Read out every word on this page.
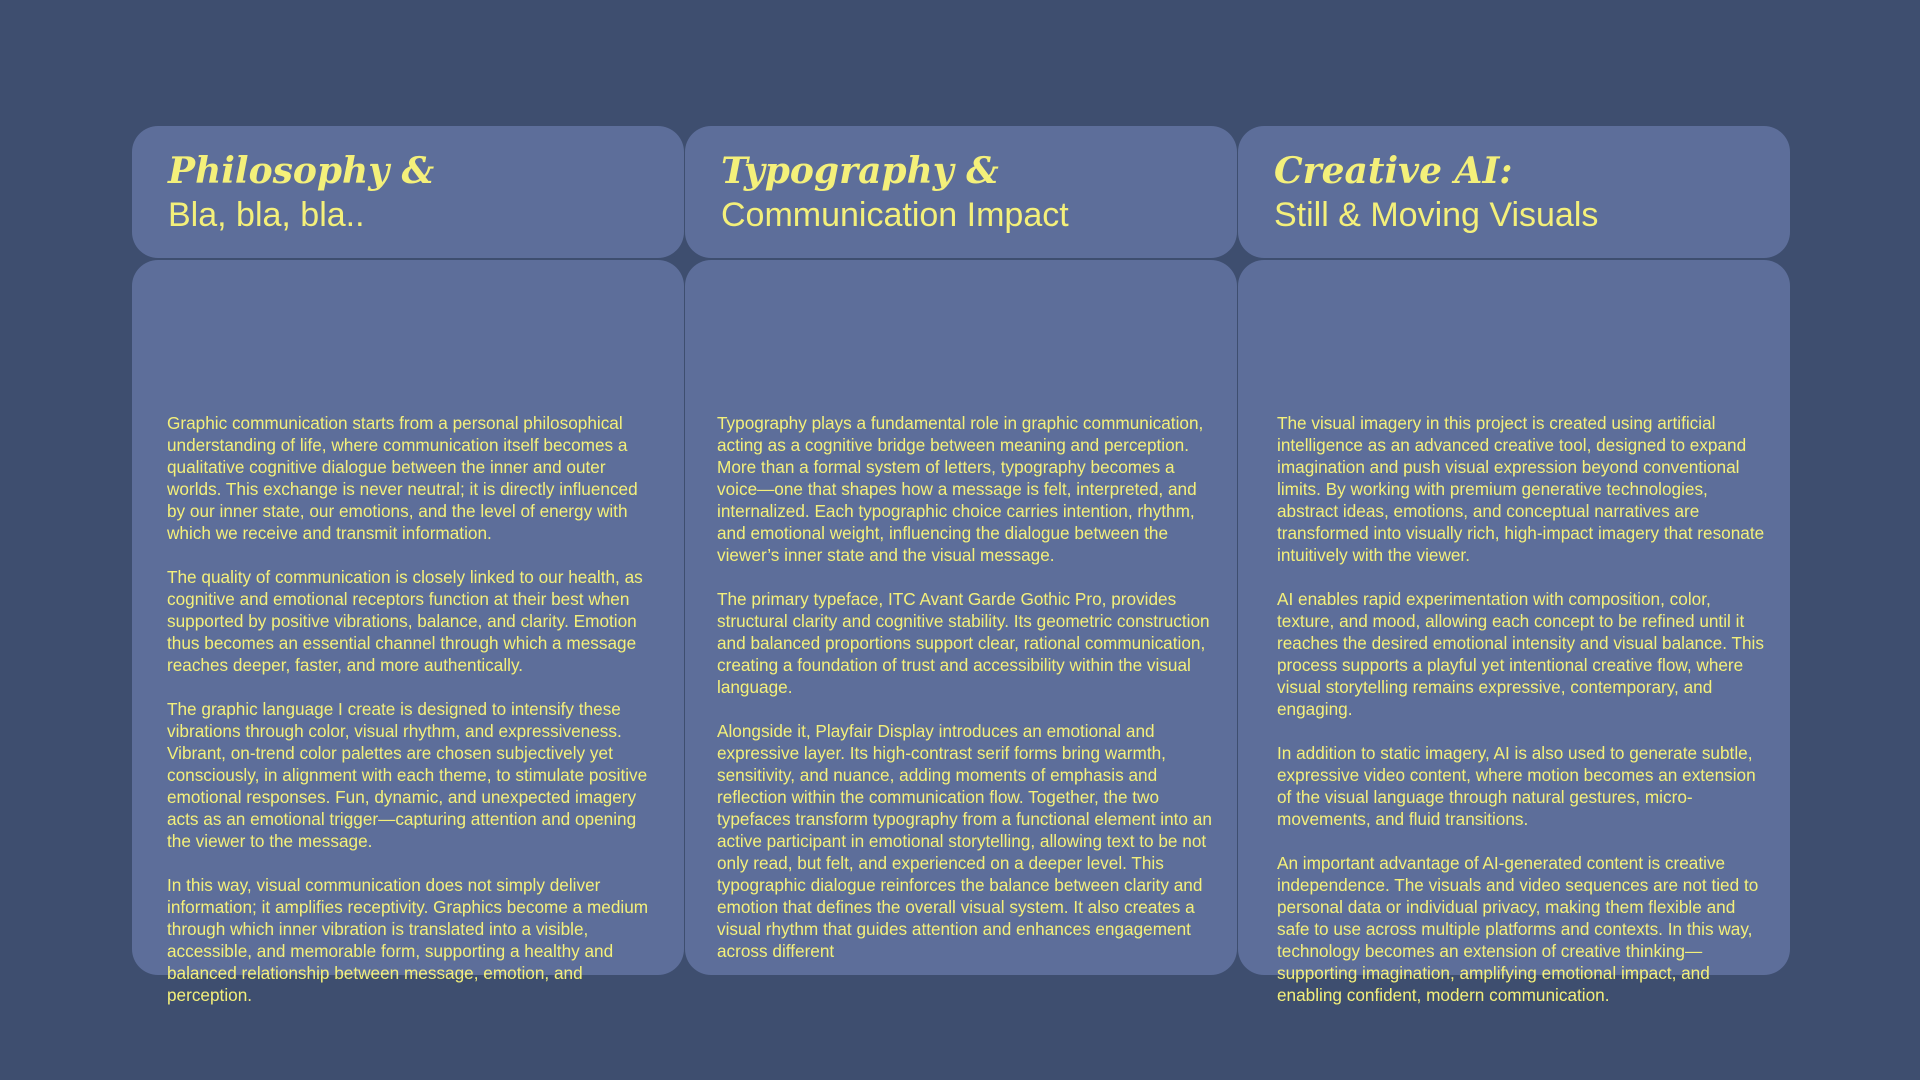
Philosophy &
Bla, bla, bla..

Graphic communication starts from a personal philosophical understanding of life, where communication itself becomes a qualitative cognitive dialogue between the inner and outer worlds. This exchange is never neutral; it is directly influenced by our inner state, our emotions, and the level of energy with which we receive and transmit information.

The quality of communication is closely linked to our health, as cognitive and emotional receptors function at their best when supported by positive vibrations, balance, and clarity. Emotion thus becomes an essential channel through which a message reaches deeper, faster, and more authentically.

The graphic language I create is designed to intensify these vibrations through color, visual rhythm, and expressiveness. Vibrant, on-trend color palettes are chosen subjectively yet consciously, in alignment with each theme, to stimulate positive emotional responses. Fun, dynamic, and unexpected imagery acts as an emotional trigger—capturing attention and opening the viewer to the message.

In this way, visual communication does not simply deliver information; it amplifies receptivity. Graphics become a medium through which inner vibration is translated into a visible, accessible, and memorable form, supporting a healthy and balanced relationship between message, emotion, and perception.

Typography &
Communication Impact

Typography plays a fundamental role in graphic communication, acting as a cognitive bridge between meaning and perception. More than a formal system of letters, typography becomes a voice—one that shapes how a message is felt, interpreted, and internalized. Each typographic choice carries intention, rhythm, and emotional weight, influencing the dialogue between the viewer’s inner state and the visual message.

The primary typeface, ITC Avant Garde Gothic Pro, provides structural clarity and cognitive stability. Its geometric construction and balanced proportions support clear, rational communication, creating a foundation of trust and accessibility within the visual language.

Alongside it, Playfair Display introduces an emotional and expressive layer. Its high-contrast serif forms bring warmth, sensitivity, and nuance, adding moments of emphasis and reflection within the communication flow. Together, the two typefaces transform typography from a functional element into an active participant in emotional storytelling, allowing text to be not only read, but felt, and experienced on a deeper level. This typographic dialogue reinforces the balance between clarity and emotion that defines the overall visual system. It also creates a visual rhythm that guides attention and enhances engagement across different

Creative AI:
Still & Moving Visuals

The visual imagery in this project is created using artificial intelligence as an advanced creative tool, designed to expand imagination and push visual expression beyond conventional limits. By working with premium generative technologies, abstract ideas, emotions, and conceptual narratives are transformed into visually rich, high-impact imagery that resonate intuitively with the viewer.

AI enables rapid experimentation with composition, color, texture, and mood, allowing each concept to be refined until it reaches the desired emotional intensity and visual balance. This process supports a playful yet intentional creative flow, where visual storytelling remains expressive, contemporary, and engaging.

In addition to static imagery, AI is also used to generate subtle, expressive video content, where motion becomes an extension of the visual language through natural gestures, micro-movements, and fluid transitions.

An important advantage of AI-generated content is creative independence. The visuals and video sequences are not tied to personal data or individual privacy, making them flexible and safe to use across multiple platforms and contexts. In this way, technology becomes an extension of creative thinking—supporting imagination, amplifying emotional impact, and enabling confident, modern communication.
